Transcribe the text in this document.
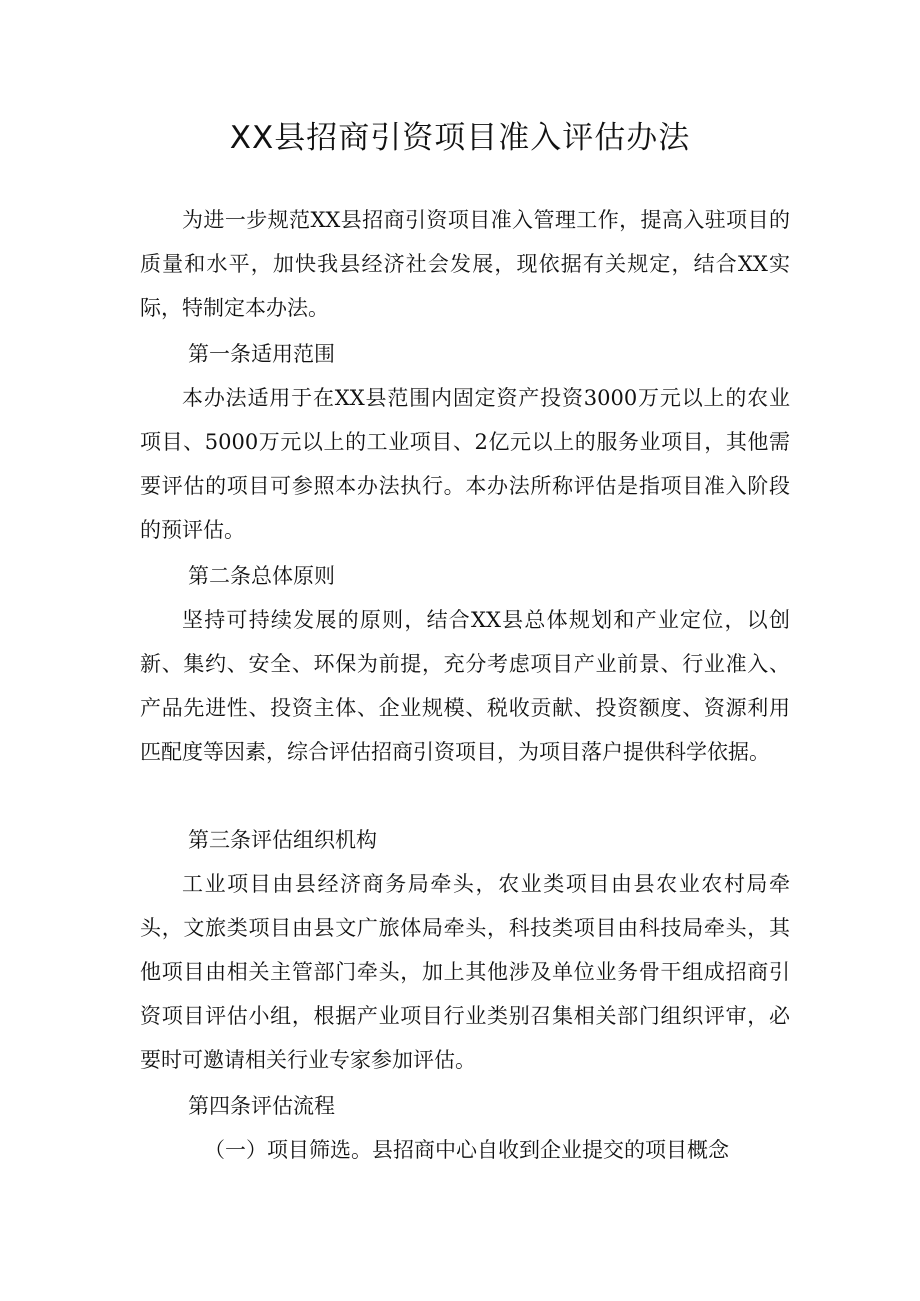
XX县招商引资项目准入评估办法
为进一步规范XX县招商引资项目准入管理工作，提高入驻项目的质量和水平，加快我县经济社会发展，现依据有关规定，结合XX实际，特制定本办法。
第一条适用范围
本办法适用于在XX县范围内固定资产投资3000万元以上的农业项目、5000万元以上的工业项目、2亿元以上的服务业项目，其他需要评估的项目可参照本办法执行。本办法所称评估是指项目准入阶段的预评估。
第二条总体原则
坚持可持续发展的原则，结合XX县总体规划和产业定位，以创新、集约、安全、环保为前提，充分考虑项目产业前景、行业准入、产品先进性、投资主体、企业规模、税收贡献、投资额度、资源利用匹配度等因素，综合评估招商引资项目，为项目落户提供科学依据。
第三条评估组织机构
工业项目由县经济商务局牵头，农业类项目由县农业农村局牵头，文旅类项目由县文广旅体局牵头，科技类项目由科技局牵头，其他项目由相关主管部门牵头，加上其他涉及单位业务骨干组成招商引资项目评估小组，根据产业项目行业类别召集相关部门组织评审，必要时可邀请相关行业专家参加评估。
第四条评估流程
（一）项目筛选。县招商中心自收到企业提交的项目概念
